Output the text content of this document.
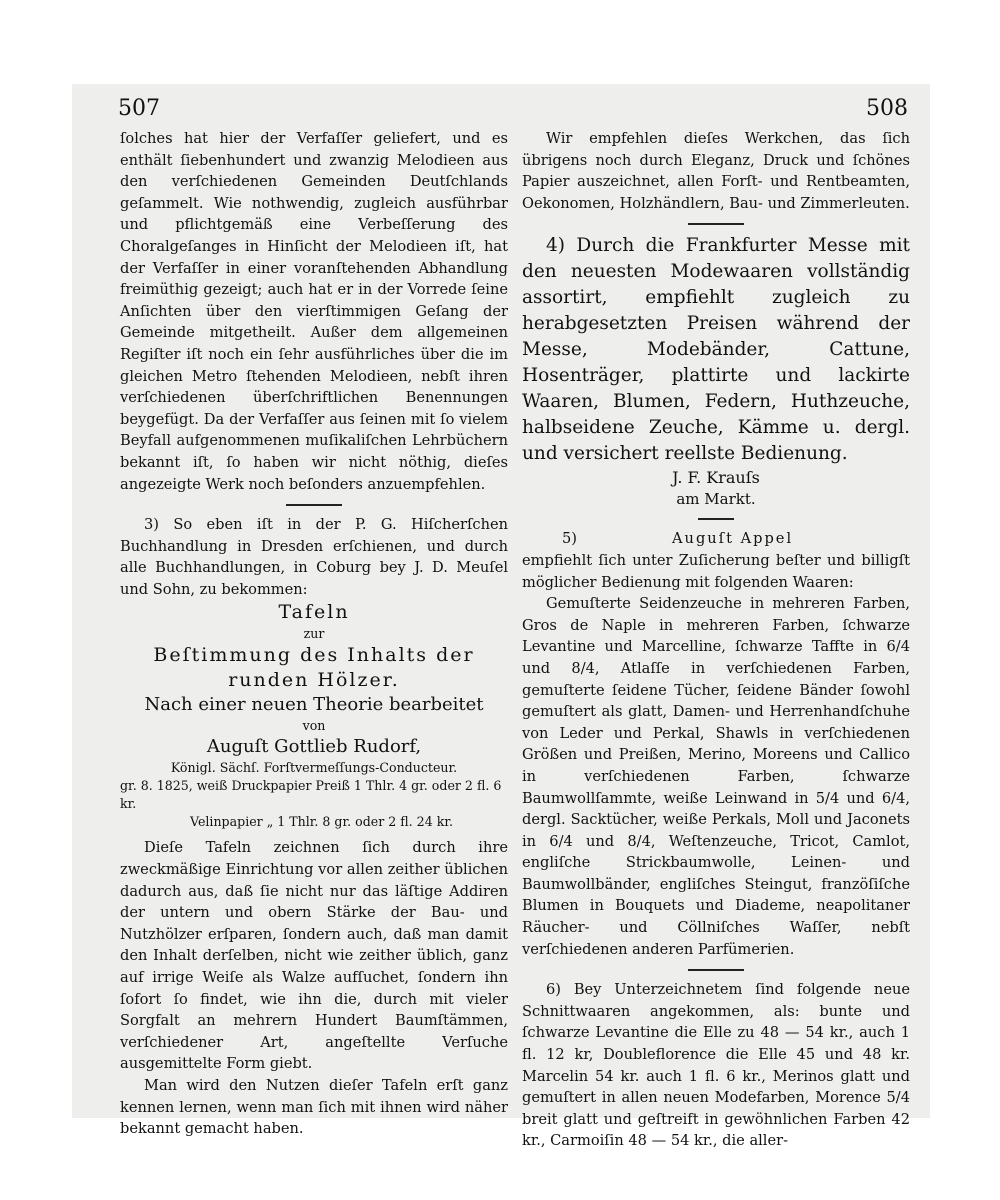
507	508

ſolches hat hier der Verfaſſer geliefert, und es enthält ſiebenhundert und zwanzig Melodieen aus den verſchiedenen Gemeinden Deutſchlands geſammelt. Wie nothwendig, zugleich ausführbar und pflichtgemäß eine Verbeſſerung des Choralgeſanges in Hinſicht der Melodieen iſt, hat der Verfaſſer in einer voranſtehenden Abhandlung freimüthig gezeigt; auch hat er in der Vorrede ſeine Anſichten über den vierſtimmigen Geſang der Gemeinde mitgetheilt. Außer dem allgemeinen Regiſter iſt noch ein ſehr ausführliches über die im gleichen Metro ſtehenden Melodieen, nebſt ihren verſchiedenen überſchriftlichen Benennungen beygefügt. Da der Verfaſſer aus ſeinen mit ſo vielem Beyfall aufgenommenen muſikaliſchen Lehrbüchern bekannt iſt, ſo haben wir nicht nöthig, dieſes angezeigte Werk noch beſonders anzuempfehlen.

3) So eben iſt in der P. G. Hiſcherſchen Buchhandlung in Dresden erſchienen, und durch alle Buchhandlungen, in Coburg bey J. D. Meuſel und Sohn, zu bekommen:

Tafeln
zur
Beſtimmung des Inhalts der runden Hölzer.
Nach einer neuen Theorie bearbeitet
von
Auguſt Gottlieb Rudorf,
Königl. Sächſ. Forſtvermeſſungs-Conducteur.
gr. 8. 1825, weiß Druckpapier Preiß 1 Thlr. 4 gr. oder 2 fl. 6 kr.
Velinpapier „ 1 Thlr. 8 gr. oder 2 fl. 24 kr.

Dieſe Tafeln zeichnen ſich durch ihre zweckmäßige Einrichtung vor allen zeither üblichen dadurch aus, daß ſie nicht nur das läſtige Addiren der untern und obern Stärke der Bau- und Nutzhölzer erſparen, ſondern auch, daß man damit den Inhalt derſelben, nicht wie zeither üblich, ganz auf irrige Weiſe als Walze aufſuchet, ſondern ihn ſofort ſo findet, wie ihn die, durch mit vieler Sorgfalt an mehrern Hundert Baumſtämmen, verſchiedener Art, angeſtellte Verſuche ausgemittelte Form giebt.

Man wird den Nutzen dieſer Tafeln erſt ganz kennen lernen, wenn man ſich mit ihnen wird näher bekannt gemacht haben.

Wir empfehlen dieſes Werkchen, das ſich übrigens noch durch Eleganz, Druck und ſchönes Papier auszeichnet, allen Forſt- und Rentbeamten, Oekonomen, Holzhändlern, Bau- und Zimmerleuten.

4) Durch die Frankfurter Messe mit den neuesten Modewaaren vollständig assortirt, empfiehlt zugleich zu herabgesetzten Preisen während der Messe, Modebänder, Cattune, Hosenträger, plattirte und lackirte Waaren, Blumen, Federn, Huthzeuche, halbseidene Zeuche, Kämme u. dergl. und versichert reellste Bedienung.

J. F. Krauſs
am Markt.
5)	Auguſt Appel

empfiehlt ſich unter Zuſicherung beſter und billigſt möglicher Bedienung mit folgenden Waaren:

Gemuſterte Seidenzeuche in mehreren Farben, Gros de Naple in mehreren Farben, ſchwarze Levantine und Marcelline, ſchwarze Taffte in 6/4 und 8/4, Atlaſſe in verſchiedenen Farben, gemuſterte ſeidene Tücher, ſeidene Bänder ſowohl gemuſtert als glatt, Damen- und Herrenhandſchuhe von Leder und Perkal, Shawls in verſchiedenen Größen und Preißen, Merino, Moreens und Callico in verſchiedenen Farben, ſchwarze Baumwollſammte, weiße Leinwand in 5/4 und 6/4, dergl. Sacktücher, weiße Perkals, Moll und Jaconets in 6/4 und 8/4, Weſtenzeuche, Tricot, Camlot, engliſche Strickbaumwolle, Leinen- und Baumwollbänder, engliſches Steingut, franzöſiſche Blumen in Bouquets und Diademe, neapolitaner Räucher- und Cöllniſches Waſſer, nebſt verſchiedenen anderen Parfümerien.

6) Bey Unterzeichnetem ſind folgende neue Schnittwaaren angekommen, als: bunte und ſchwarze Levantine die Elle zu 48 — 54 kr., auch 1 fl. 12 kr, Doubleflorence die Elle 45 und 48 kr. Marcelin 54 kr. auch 1 fl. 6 kr., Merinos glatt und gemuſtert in allen neuen Modefarben, Morence 5/4 breit glatt und geſtreift in gewöhnlichen Farben 42 kr., Carmoiſin 48 — 54 kr., die aller-
